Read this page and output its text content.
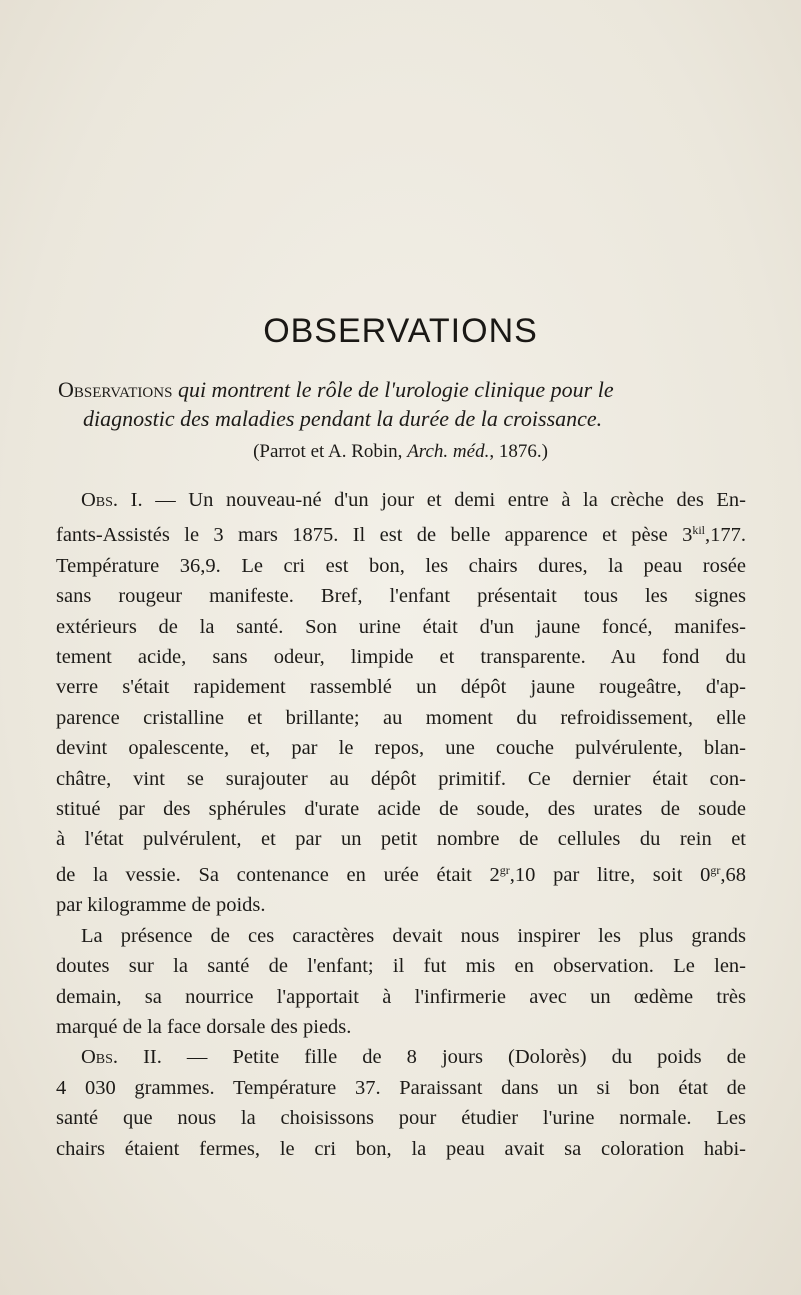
OBSERVATIONS
Observations qui montrent le rôle de l'urologie clinique pour le
diagnostic des maladies pendant la durée de la croissance.
(Parrot et A. Robin, Arch. méd., 1876.)
Obs. I. — Un nouveau-né d'un jour et demi entre à la crèche des En-
fants-Assistés le 3 mars 1875. Il est de belle apparence et pèse $3^{kil},177$.
Température 36,9. Le cri est bon, les chairs dures, la peau rosée
sans rougeur manifeste. Bref, l'enfant présentait tous les signes
extérieurs de la santé. Son urine était d'un jaune foncé, manifes-
tement acide, sans odeur, limpide et transparente. Au fond du
verre s'était rapidement rassemblé un dépôt jaune rougeâtre, d'ap-
parence cristalline et brillante; au moment du refroidissement, elle
devint opalescente, et, par le repos, une couche pulvérulente, blan-
châtre, vint se surajouter au dépôt primitif. Ce dernier était con-
stitué par des sphérules d'urate acide de soude, des urates de soude
à l'état pulvérulent, et par un petit nombre de cellules du rein et
de la vessie. Sa contenance en urée était $2^{gr},10$ par litre, soit $0^{gr},68$
par kilogramme de poids.
La présence de ces caractères devait nous inspirer les plus grands
doutes sur la santé de l'enfant; il fut mis en observation. Le len-
demain, sa nourrice l'apportait à l'infirmerie avec un œdème très
marqué de la face dorsale des pieds.
Obs. II. — Petite fille de 8 jours (Dolorès) du poids de
4 030 grammes. Température 37. Paraissant dans un si bon état de
santé que nous la choisissons pour étudier l'urine normale. Les
chairs étaient fermes, le cri bon, la peau avait sa coloration habi-
